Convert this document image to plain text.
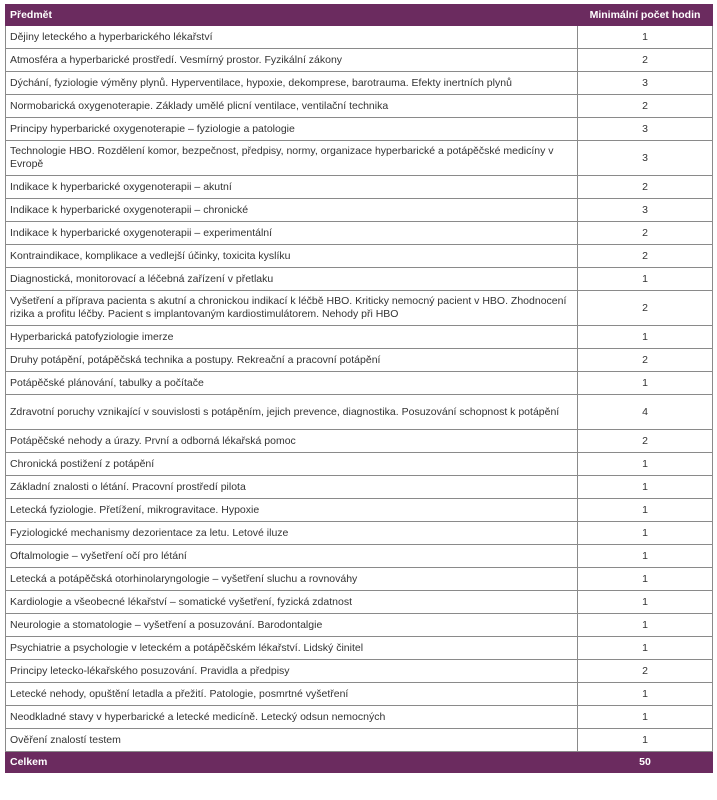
Předmět	Minimální počet hodin
Dějiny leteckého a hyperbarického lékařství	1
Atmosféra a hyperbarické prostředí. Vesmírný prostor. Fyzikální zákony	2
Dýchání, fyziologie výměny plynů. Hyperventilace, hypoxie, dekomprese, barotrauma. Efekty inertních plynů	3
Normobarická oxygenoterapie. Základy umělé plicní ventilace, ventilační technika	2
Principy hyperbarické oxygenoterapie – fyziologie a patologie	3
Technologie HBO. Rozdělení komor, bezpečnost, předpisy, normy, organizace hyperbarické a potápěčské medicíny v Evropě	3
Indikace k hyperbarické oxygenoterapii – akutní	2
Indikace k hyperbarické oxygenoterapii – chronické	3
Indikace k hyperbarické oxygenoterapii – experimentální	2
Kontraindikace, komplikace a vedlejší účinky, toxicita kyslíku	2
Diagnostická, monitorovací a léčebná zařízení v přetlaku	1
Vyšetření a příprava pacienta s akutní a chronickou indikací k léčbě HBO. Kriticky nemocný pacient v HBO. Zhodnocení rizika a profitu léčby. Pacient s implantovaným kardiostimulátorem. Nehody při HBO	2
Hyperbarická patofyziologie imerze	1
Druhy potápění, potápěčská technika a postupy. Rekreační a pracovní potápění	2
Potápěčské plánování, tabulky a počítače	1
Zdravotní poruchy vznikající v souvislosti s potápěním, jejich prevence, diagnostika. Posuzování schopnost k potápění	4
Potápěčské nehody a úrazy. První a odborná lékařská pomoc	2
Chronická postižení z potápění	1
Základní znalosti o létání. Pracovní prostředí pilota	1
Letecká fyziologie. Přetížení, mikrogravitace. Hypoxie	1
Fyziologické mechanismy dezorientace za letu. Letové iluze	1
Oftalmologie – vyšetření očí pro létání	1
Letecká a potápěčská otorhinolaryngologie – vyšetření sluchu a rovnováhy	1
Kardiologie a všeobecné lékařství – somatické vyšetření, fyzická zdatnost	1
Neurologie a stomatologie – vyšetření a posuzování. Barodontalgie	1
Psychiatrie a psychologie v leteckém a potápěčském lékařství. Lidský činitel	1
Principy letecko-lékařského posuzování. Pravidla a předpisy	2
Letecké nehody, opuštění letadla a přežití. Patologie, posmrtné vyšetření	1
Neodkladné stavy v hyperbarické a letecké medicíně. Letecký odsun nemocných	1
Ověření znalostí testem	1
Celkem	50
